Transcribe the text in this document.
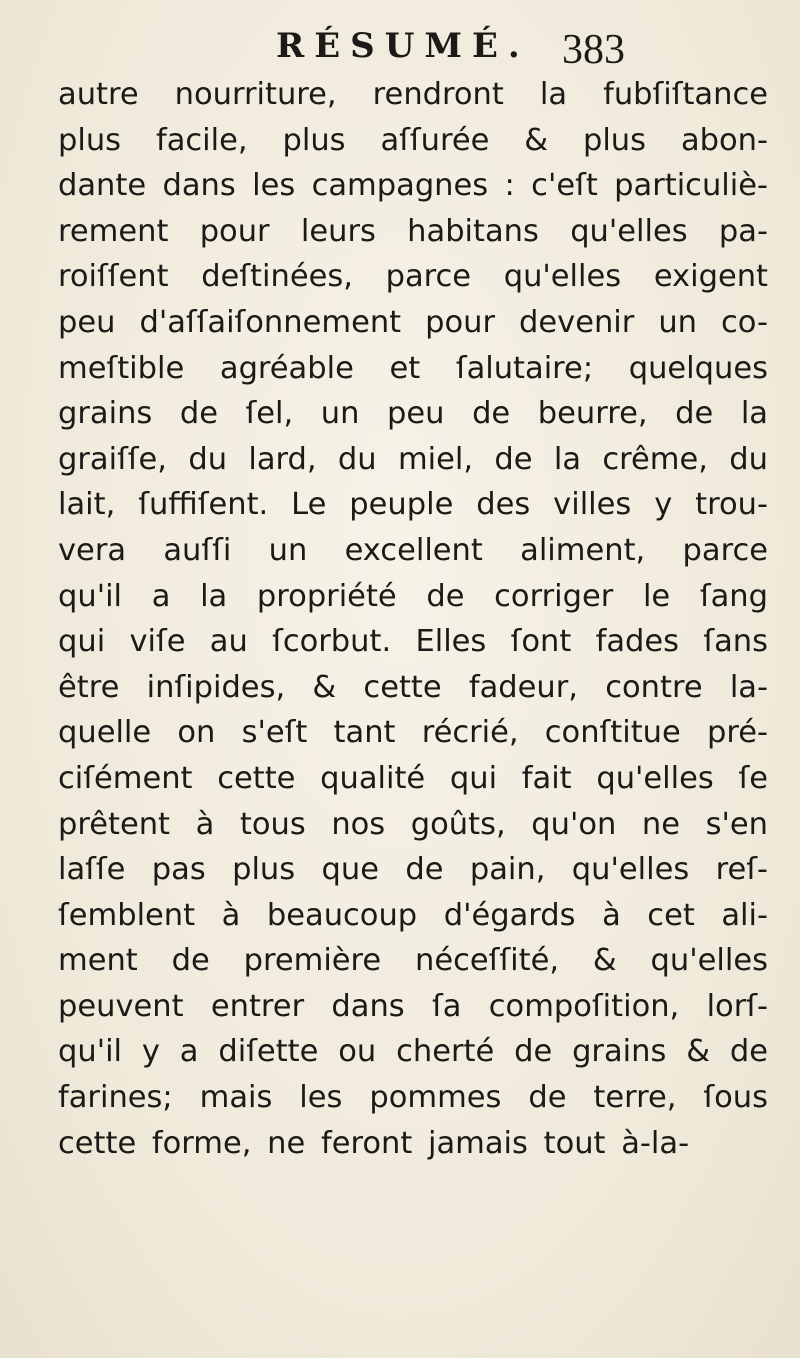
RÉSUMÉ. 383
autre nourriture, rendront la fubſiſtance
plus facile, plus aſſurée & plus abon-
dante dans les campagnes : c'eſt particuliè-
rement pour leurs habitans qu'elles pa-
roiſſent deſtinées, parce qu'elles exigent
peu d'aſſaiſonnement pour devenir un co-
meſtible agréable et ſalutaire; quelques
grains de ſel, un peu de beurre, de la
graiſſe, du lard, du miel, de la crême, du
lait, ſuffiſent. Le peuple des villes y trou-
vera auſſi un excellent aliment, parce
qu'il a la propriété de corriger le ſang
qui viſe au ſcorbut. Elles ſont fades ſans
être inſipides, & cette fadeur, contre la-
quelle on s'eſt tant récrié, conſtitue pré-
ciſément cette qualité qui fait qu'elles ſe
prêtent à tous nos goûts, qu'on ne s'en
laſſe pas plus que de pain, qu'elles reſ-
ſemblent à beaucoup d'égards à cet ali-
ment de première néceſſité, & qu'elles
peuvent entrer dans ſa compoſition, lorſ-
qu'il y a diſette ou cherté de grains & de
farines; mais les pommes de terre, ſous
cette forme, ne feront jamais tout à-la-
